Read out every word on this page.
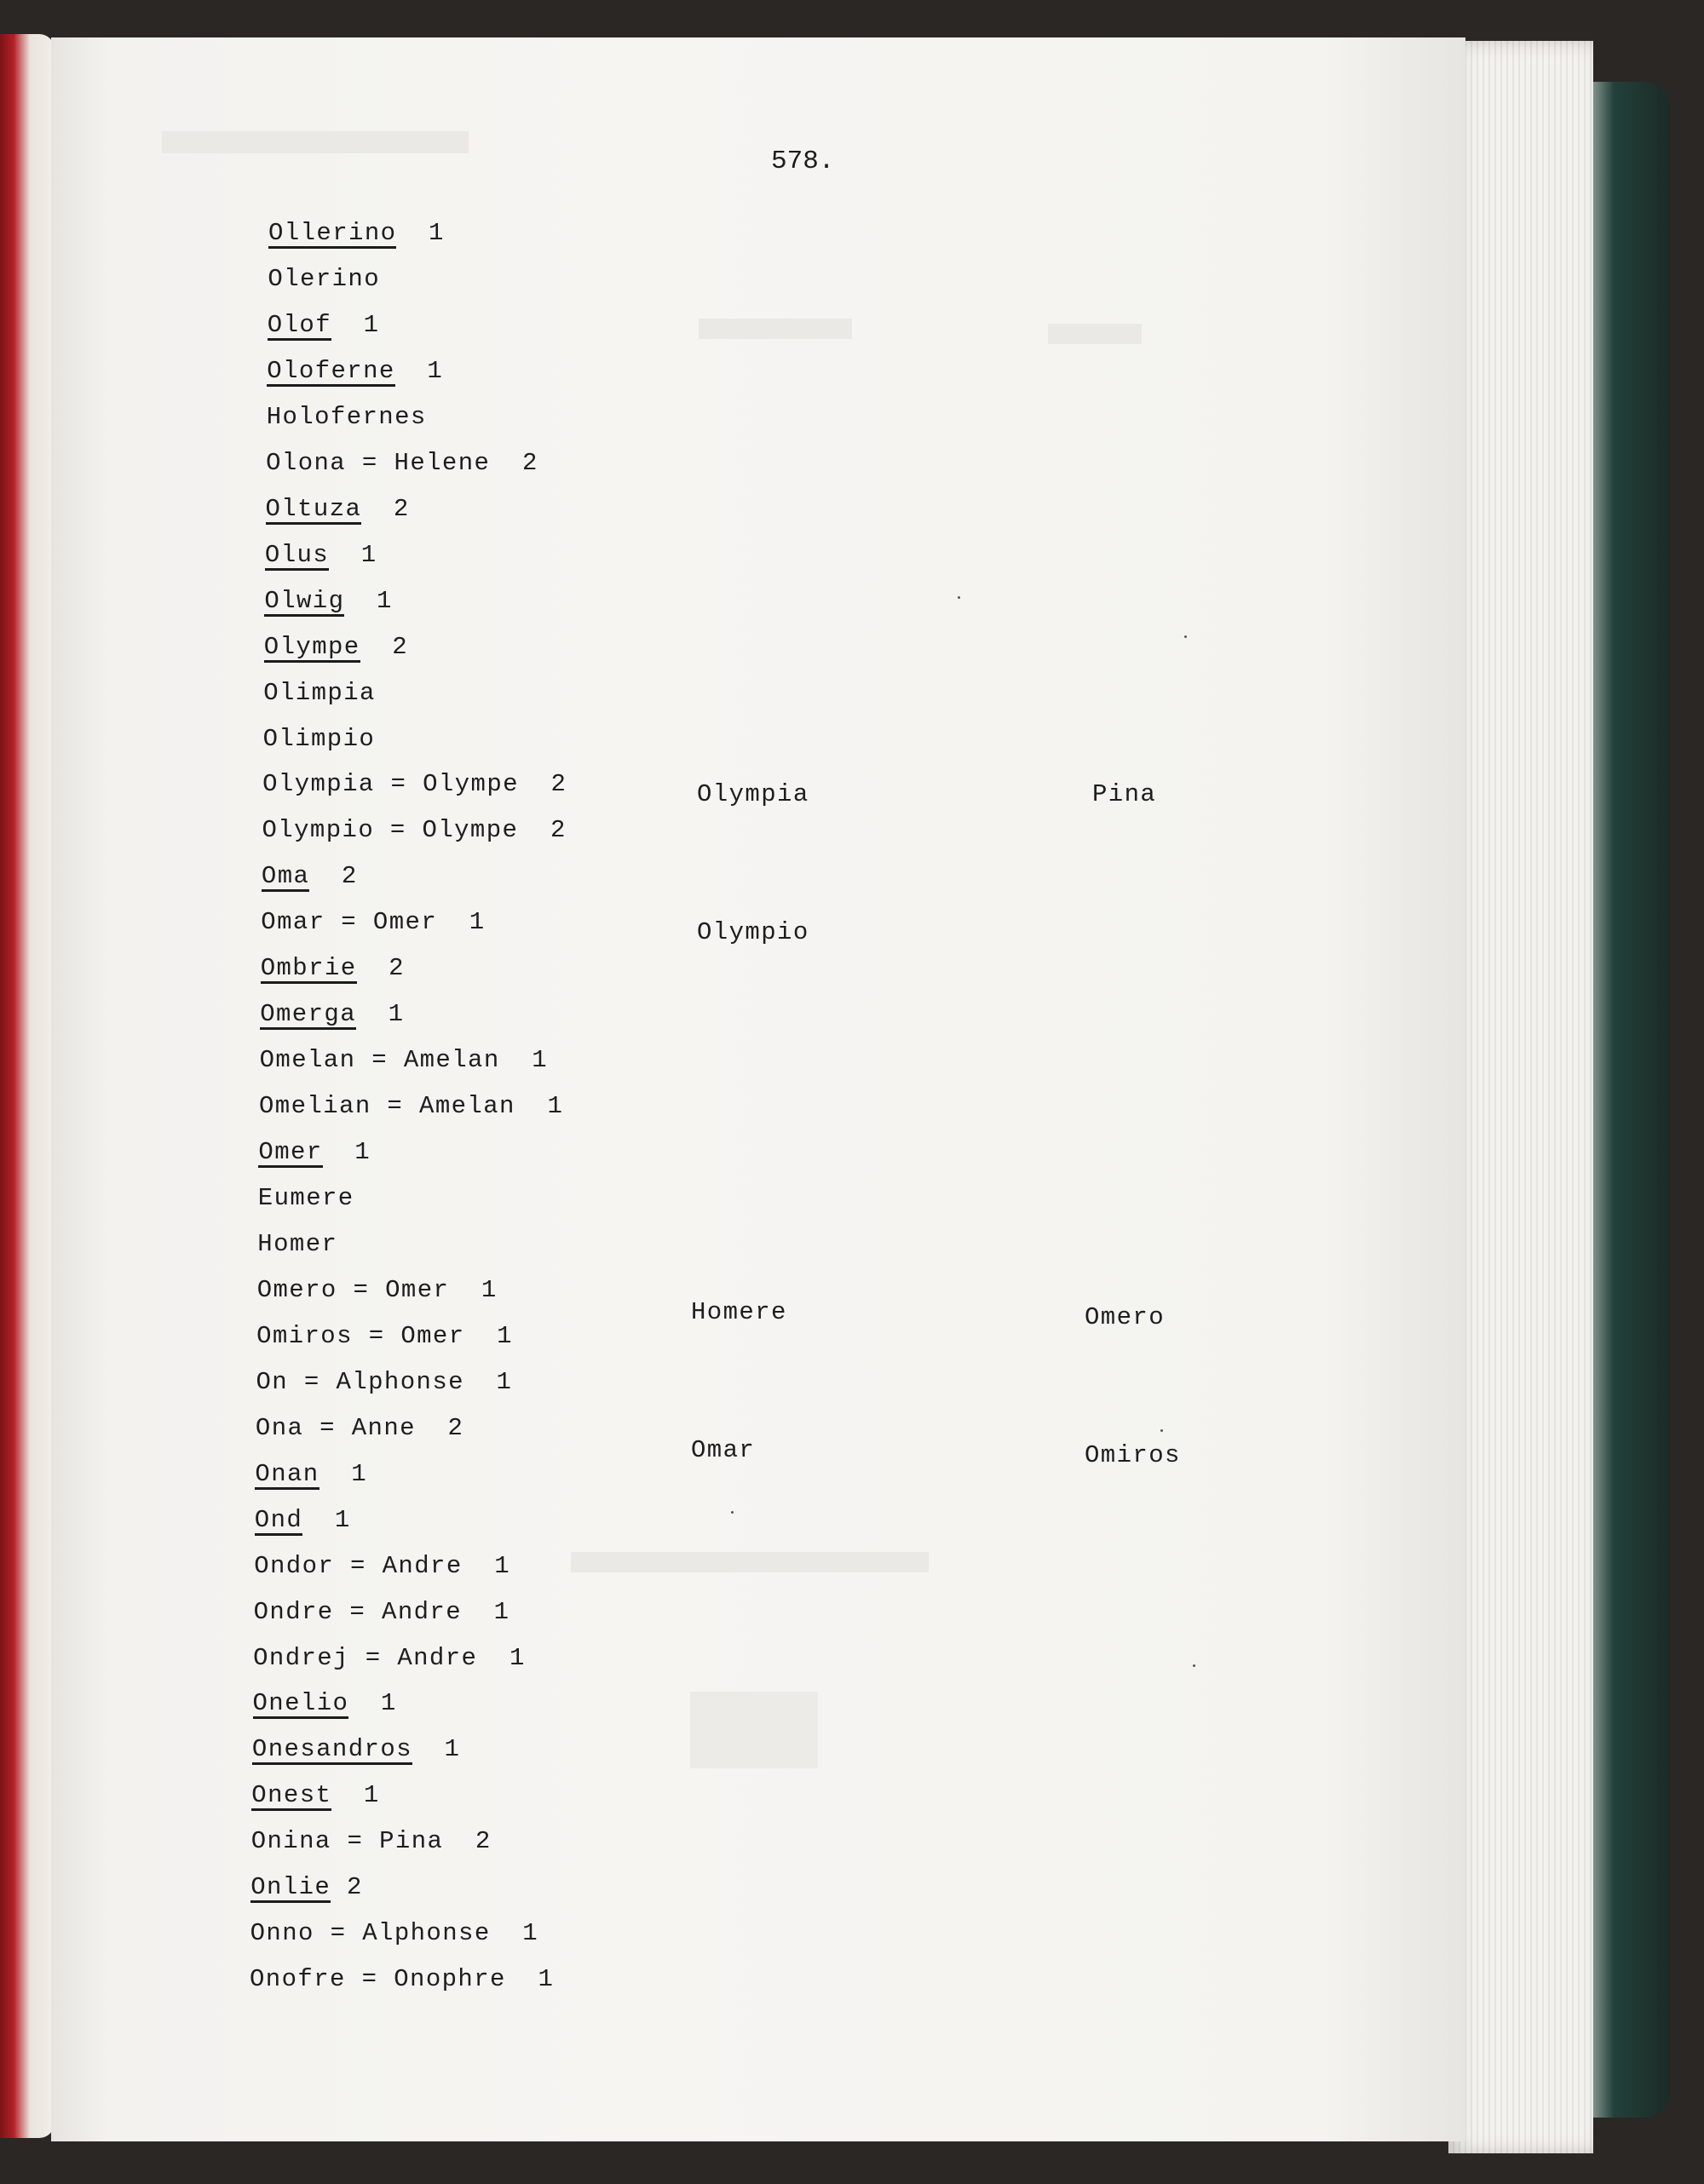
578.
Ollerino  1
Olerino
Olof  1
Oloferne  1
Holofernes
Olona = Helene  2
Oltuza  2
Olus  1
Olwig  1
Olympe  2
Olimpia
Olimpio
Olympia = Olympe  2
Olympio = Olympe  2
Oma  2
Omar = Omer  1
Ombrie  2
Omerga  1
Omelan = Amelan  1
Omelian = Amelan  1
Omer  1
Eumere
Homer
Omero = Omer  1
Omiros = Omer  1
On = Alphonse  1
Ona = Anne  2
Onan  1
Ond  1
Ondor = Andre  1
Ondre = Andre  1
Ondrej = Andre  1
Onelio  1
Onesandros  1
Onest  1
Onina = Pina  2
Onlie 2
Onno = Alphonse  1
Onofre = Onophre  1

Olympia

Olympio

Pina

Homere

Omar

Omero

Omiros
